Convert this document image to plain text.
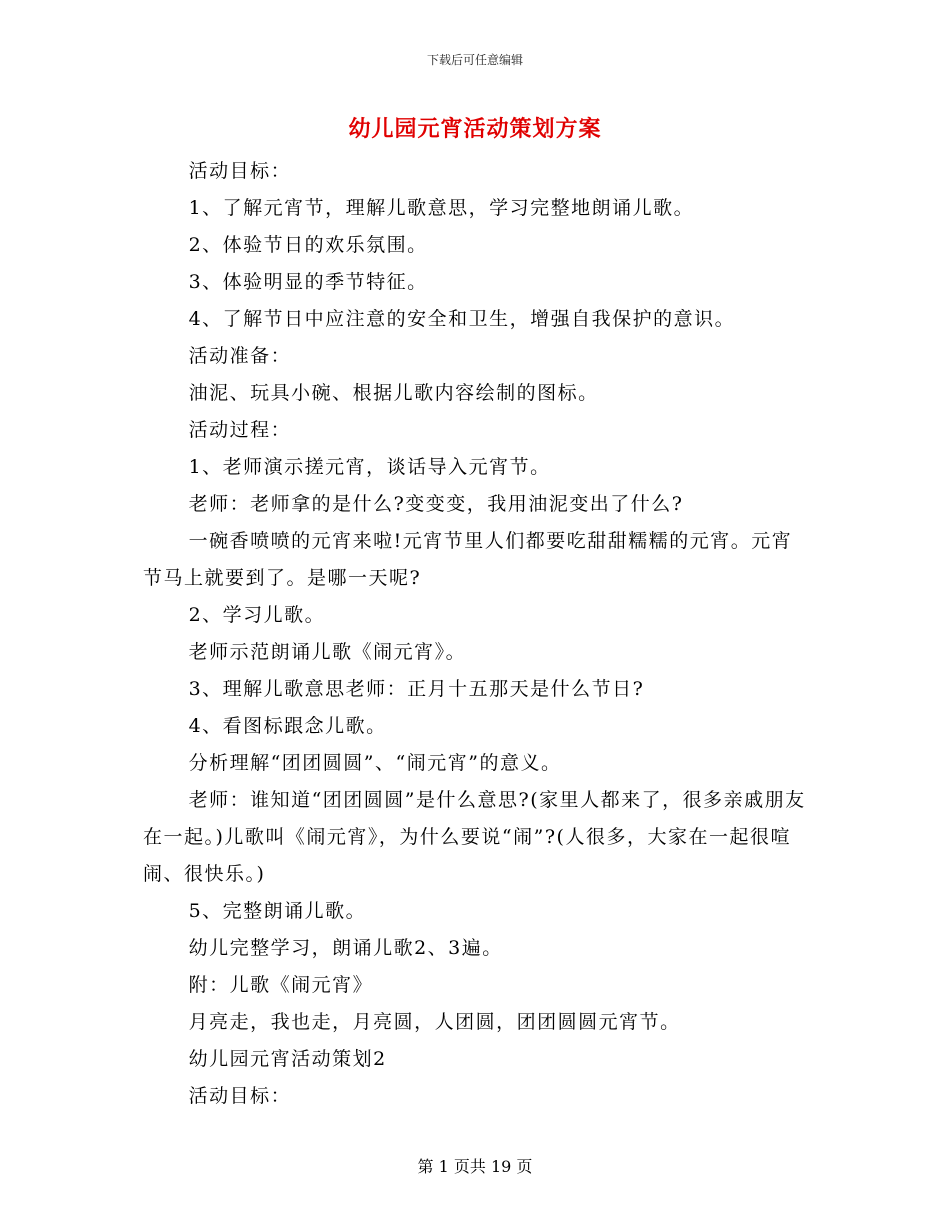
下载后可任意编辑
幼儿园元宵活动策划方案

活动目标：

1、了解元宵节，理解儿歌意思，学习完整地朗诵儿歌。

2、体验节日的欢乐氛围。

3、体验明显的季节特征。

4、了解节日中应注意的安全和卫生，增强自我保护的意识。

活动准备：

油泥、玩具小碗、根据儿歌内容绘制的图标。

活动过程：

1、老师演示搓元宵，谈话导入元宵节。

老师：老师拿的是什么?变变变，我用油泥变出了什么?

一碗香喷喷的元宵来啦!元宵节里人们都要吃甜甜糯糯的元宵。元宵节马上就要到了。是哪一天呢?

2、学习儿歌。

老师示范朗诵儿歌《闹元宵》。

3、理解儿歌意思老师：正月十五那天是什么节日?

4、看图标跟念儿歌。

分析理解“团团圆圆”、“闹元宵”的意义。

老师：谁知道“团团圆圆”是什么意思?(家里人都来了，很多亲戚朋友在一起。)儿歌叫《闹元宵》，为什么要说“闹”?(人很多，大家在一起很喧闹、很快乐。)

5、完整朗诵儿歌。

幼儿完整学习，朗诵儿歌2、3遍。

附：儿歌《闹元宵》

月亮走，我也走，月亮圆，人团圆，团团圆圆元宵节。

幼儿园元宵活动策划2

活动目标：

第 1 页共 19 页
